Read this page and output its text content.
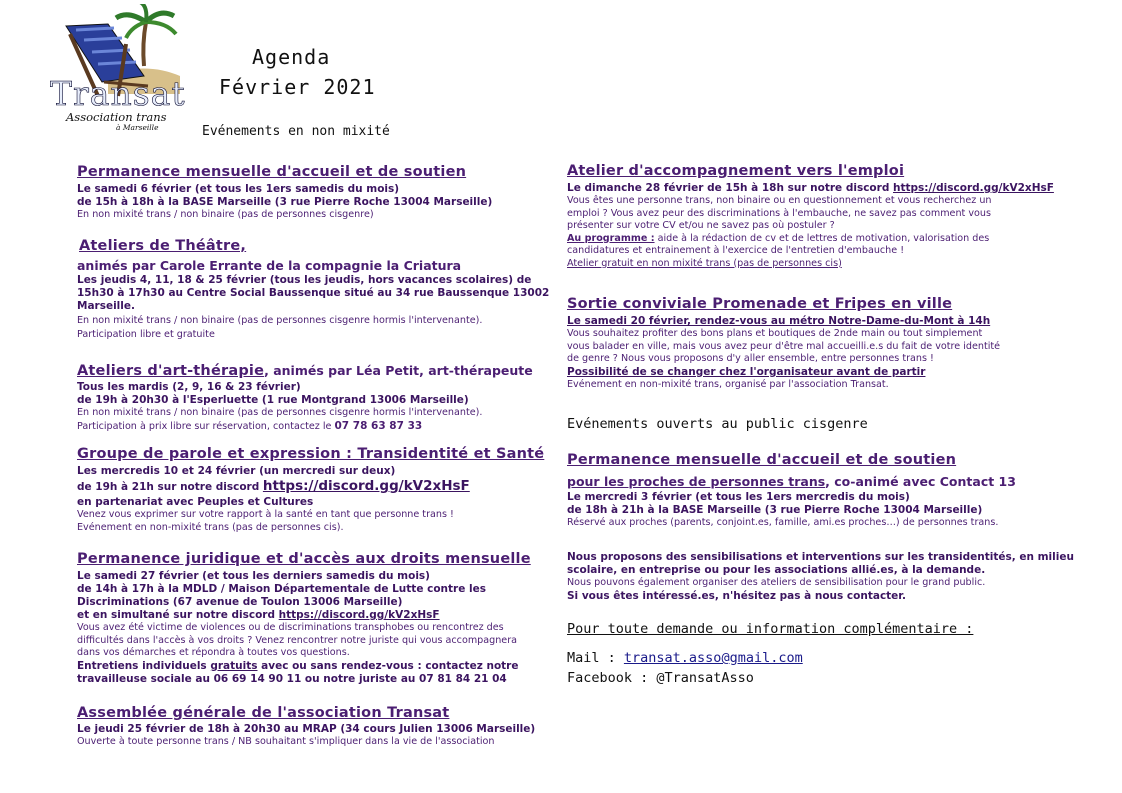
Transat
Association trans
à Marseille
Agenda
Février 2021
Evénements en non mixité
Permanence mensuelle d'accueil et de soutien
Le samedi 6 février (et tous les 1ers samedis du mois)
de 15h à 18h à la BASE Marseille (3 rue Pierre Roche 13004 Marseille)
En non mixité trans / non binaire (pas de personnes cisgenre)
Ateliers de Théâtre,
animés par Carole Errante de la compagnie la Criatura
Les jeudis 4, 11, 18 & 25 février (tous les jeudis, hors vacances scolaires) de
15h30 à 17h30 au Centre Social Baussenque situé au 34 rue Baussenque 13002
Marseille.
En non mixité trans / non binaire (pas de personnes cisgenre hormis l'intervenante).
Participation libre et gratuite
Ateliers d'art-thérapie, animés par Léa Petit, art-thérapeute
Tous les mardis (2, 9, 16 & 23 février)
de 19h à 20h30 à l'Esperluette (1 rue Montgrand 13006 Marseille)
En non mixité trans / non binaire (pas de personnes cisgenre hormis l'intervenante).
Participation à prix libre sur réservation, contactez le 07 78 63 87 33
Groupe de parole et expression : Transidentité et Santé
Les mercredis 10 et 24 février (un mercredi sur deux)
de 19h à 21h sur notre discord https://discord.gg/kV2xHsF
en partenariat avec Peuples et Cultures
Venez vous exprimer sur votre rapport à la santé en tant que personne trans !
Evénement en non-mixité trans (pas de personnes cis).
Permanence juridique et d'accès aux droits mensuelle
Le samedi 27 février (et tous les derniers samedis du mois)
de 14h à 17h à la MDLD / Maison Départementale de Lutte contre les
Discriminations (67 avenue de Toulon 13006 Marseille)
et en simultané sur notre discord https://discord.gg/kV2xHsF
Vous avez été victime de violences ou de discriminations transphobes ou rencontrez des
difficultés dans l'accès à vos droits ? Venez rencontrer notre juriste qui vous accompagnera
dans vos démarches et répondra à toutes vos questions.
Entretiens individuels gratuits avec ou sans rendez-vous : contactez notre
travailleuse sociale au 06 69 14 90 11 ou notre juriste au 07 81 84 21 04
Assemblée générale de l'association Transat
Le jeudi 25 février de 18h à 20h30 au MRAP (34 cours Julien 13006 Marseille)
Ouverte à toute personne trans / NB souhaitant s'impliquer dans la vie de l'association
Atelier d'accompagnement vers l'emploi
Le dimanche 28 février de 15h à 18h sur notre discord https://discord.gg/kV2xHsF
Vous êtes une personne trans, non binaire ou en questionnement et vous recherchez un
emploi ? Vous avez peur des discriminations à l'embauche, ne savez pas comment vous
présenter sur votre CV et/ou ne savez pas où postuler ?
Au programme : aide à la rédaction de cv et de lettres de motivation, valorisation des
candidatures et entrainement à l'exercice de l'entretien d'embauche !
Atelier gratuit en non mixité trans (pas de personnes cis)
Sortie conviviale Promenade et Fripes en ville
Le samedi 20 février, rendez-vous au métro Notre-Dame-du-Mont à 14h
Vous souhaitez profiter des bons plans et boutiques de 2nde main ou tout simplement
vous balader en ville, mais vous avez peur d'être mal accueilli.e.s du fait de votre identité
de genre ? Nous vous proposons d'y aller ensemble, entre personnes trans !
Possibilité de se changer chez l'organisateur avant de partir
Evénement en non-mixité trans, organisé par l'association Transat.
Evénements ouverts au public cisgenre
Permanence mensuelle d'accueil et de soutien
pour les proches de personnes trans, co-animé avec Contact 13
Le mercredi 3 février (et tous les 1ers mercredis du mois)
de 18h à 21h à la BASE Marseille (3 rue Pierre Roche 13004 Marseille)
Réservé aux proches (parents, conjoint.es, famille, ami.es proches…) de personnes trans.
Nous proposons des sensibilisations et interventions sur les transidentités, en milieu
scolaire, en entreprise ou pour les associations allié.es, à la demande.
Nous pouvons également organiser des ateliers de sensibilisation pour le grand public.
Si vous êtes intéressé.es, n'hésitez pas à nous contacter.
Pour toute demande ou information complémentaire :
Mail : transat.asso@gmail.com
Facebook : @TransatAsso
